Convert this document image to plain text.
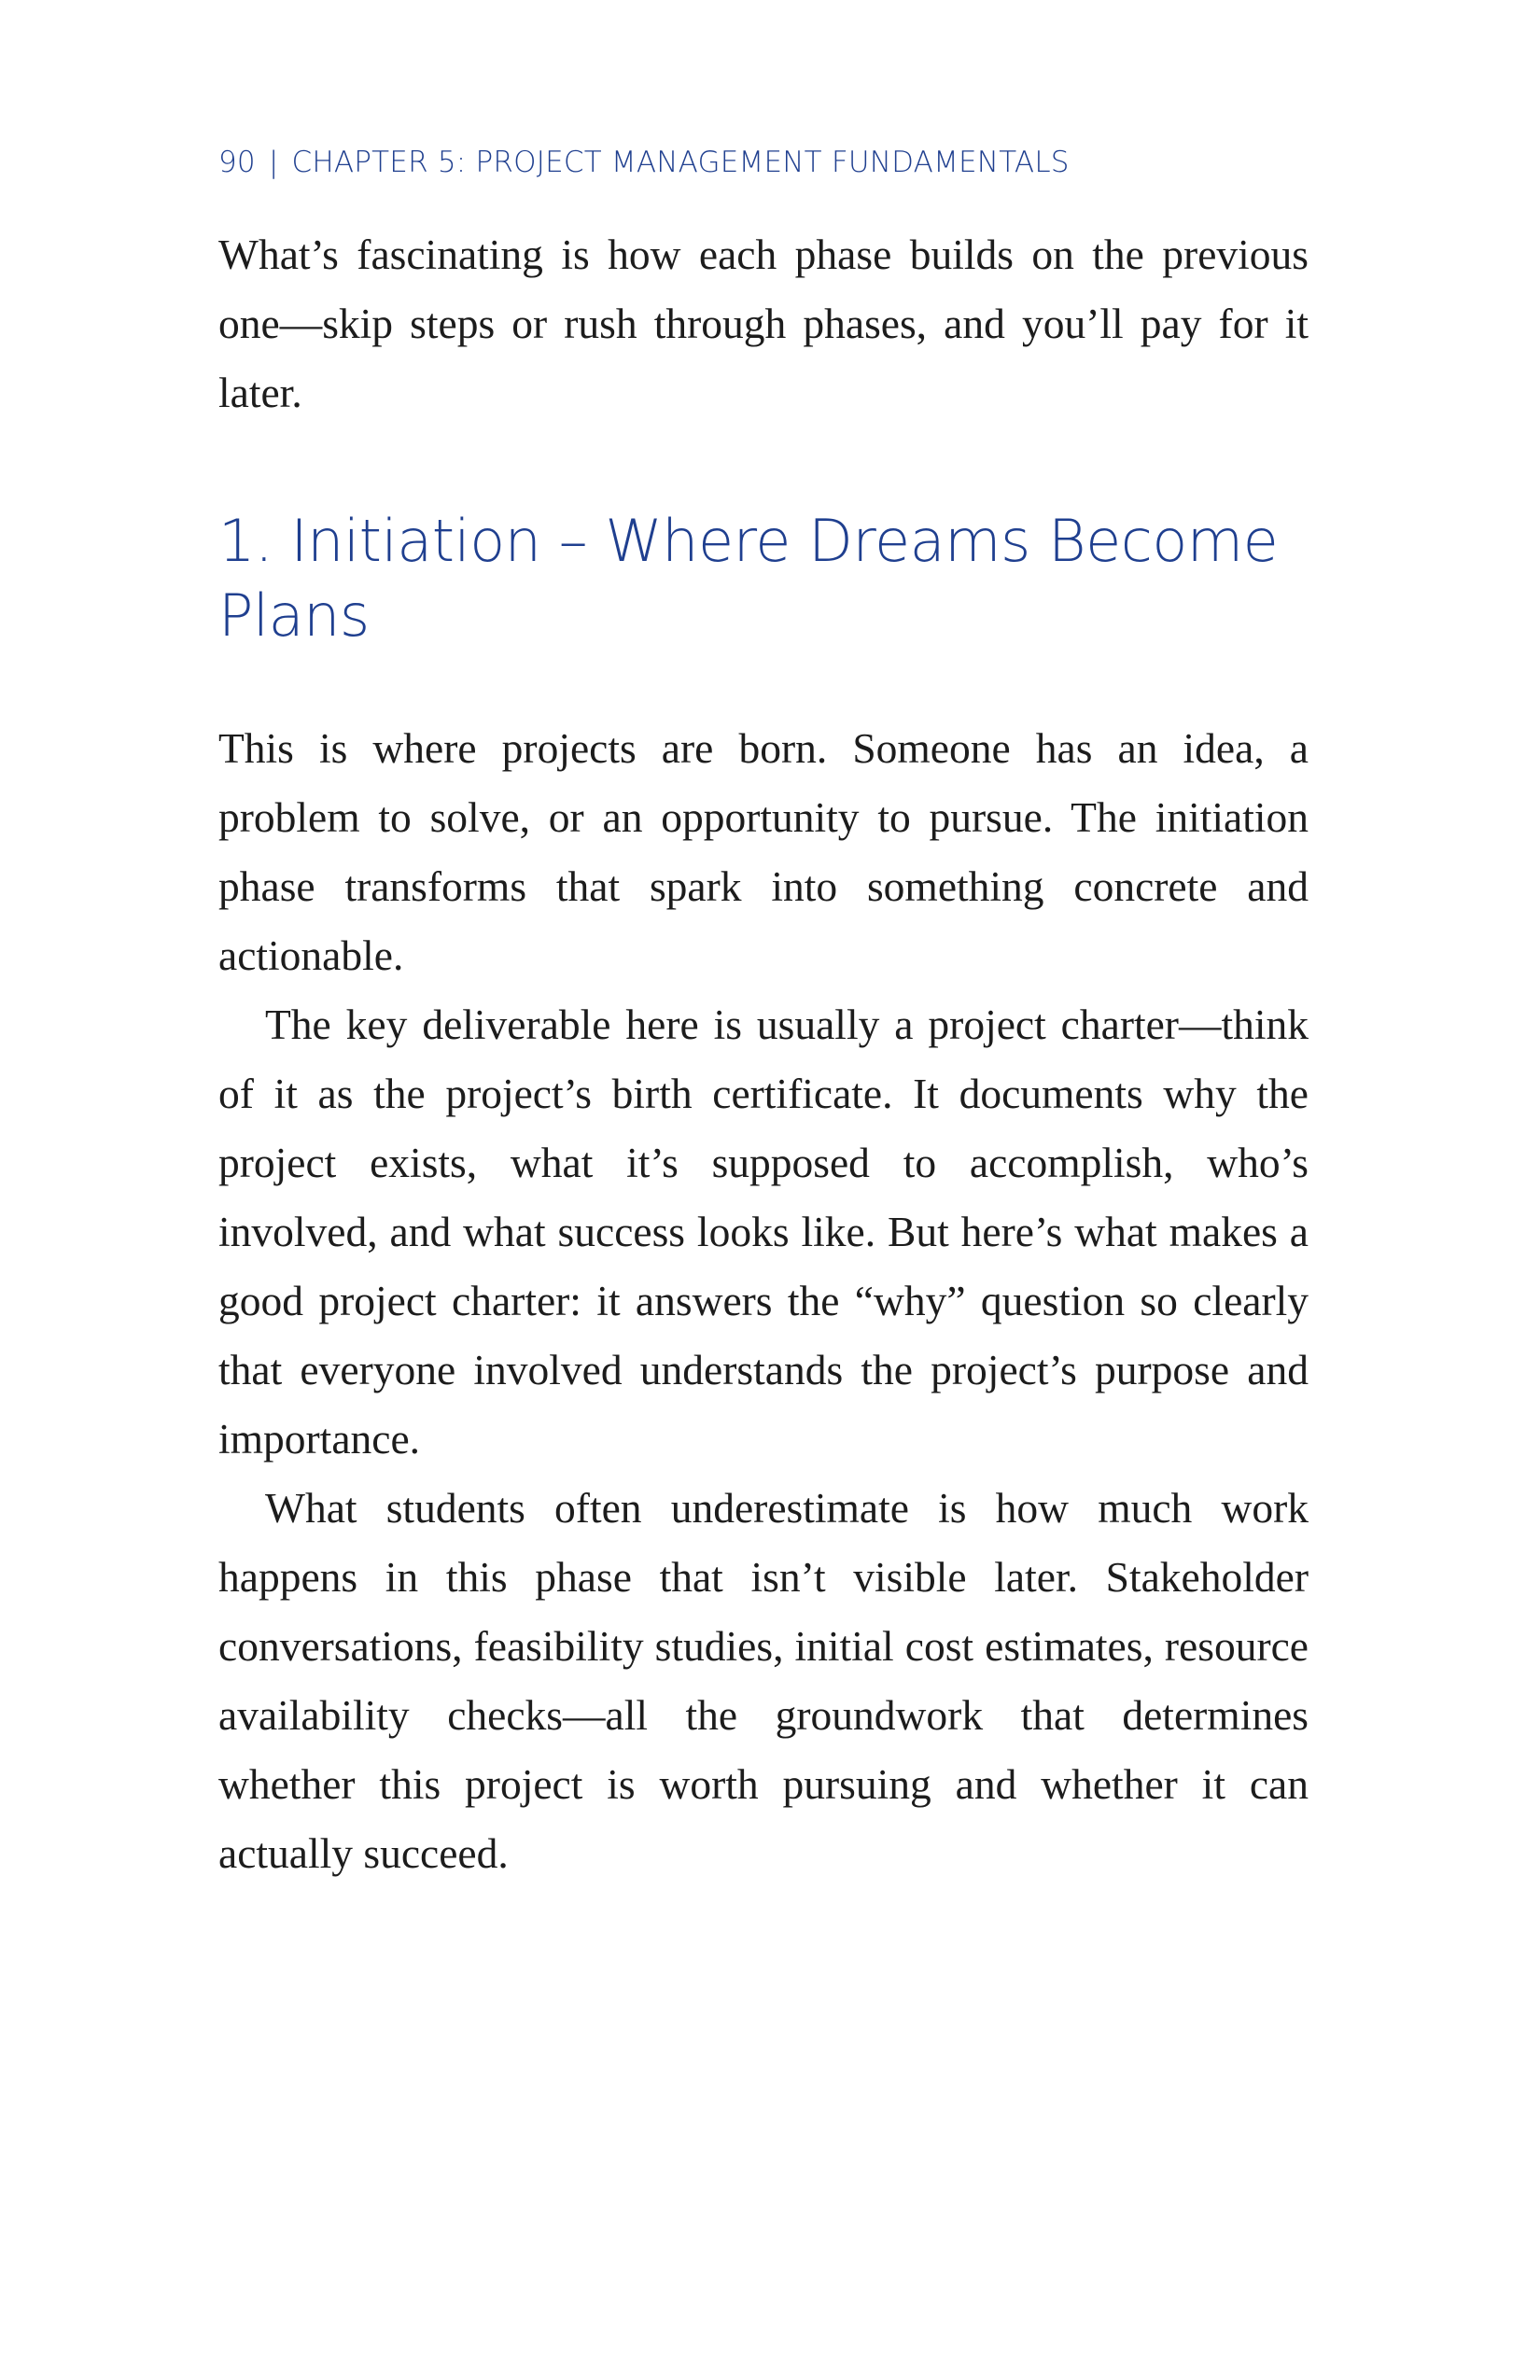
90 | CHAPTER 5: PROJECT MANAGEMENT FUNDAMENTALS

What’s fascinating is how each phase builds on the previous one—skip steps or rush through phases, and you’ll pay for it later.

1. Initiation – Where Dreams Become Plans

This is where projects are born. Someone has an idea, a problem to solve, or an opportunity to pursue. The initiation phase transforms that spark into something concrete and actionable.

The key deliverable here is usually a project charter—think of it as the project’s birth certificate. It documents why the project exists, what it’s supposed to accomplish, who’s involved, and what success looks like. But here’s what makes a good project charter: it answers the “why” question so clearly that everyone involved understands the project’s purpose and importance.

What students often underestimate is how much work happens in this phase that isn’t visible later. Stakeholder conversations, feasibility studies, initial cost estimates, resource availability checks—all the groundwork that determines whether this project is worth pursuing and whether it can actually succeed.
